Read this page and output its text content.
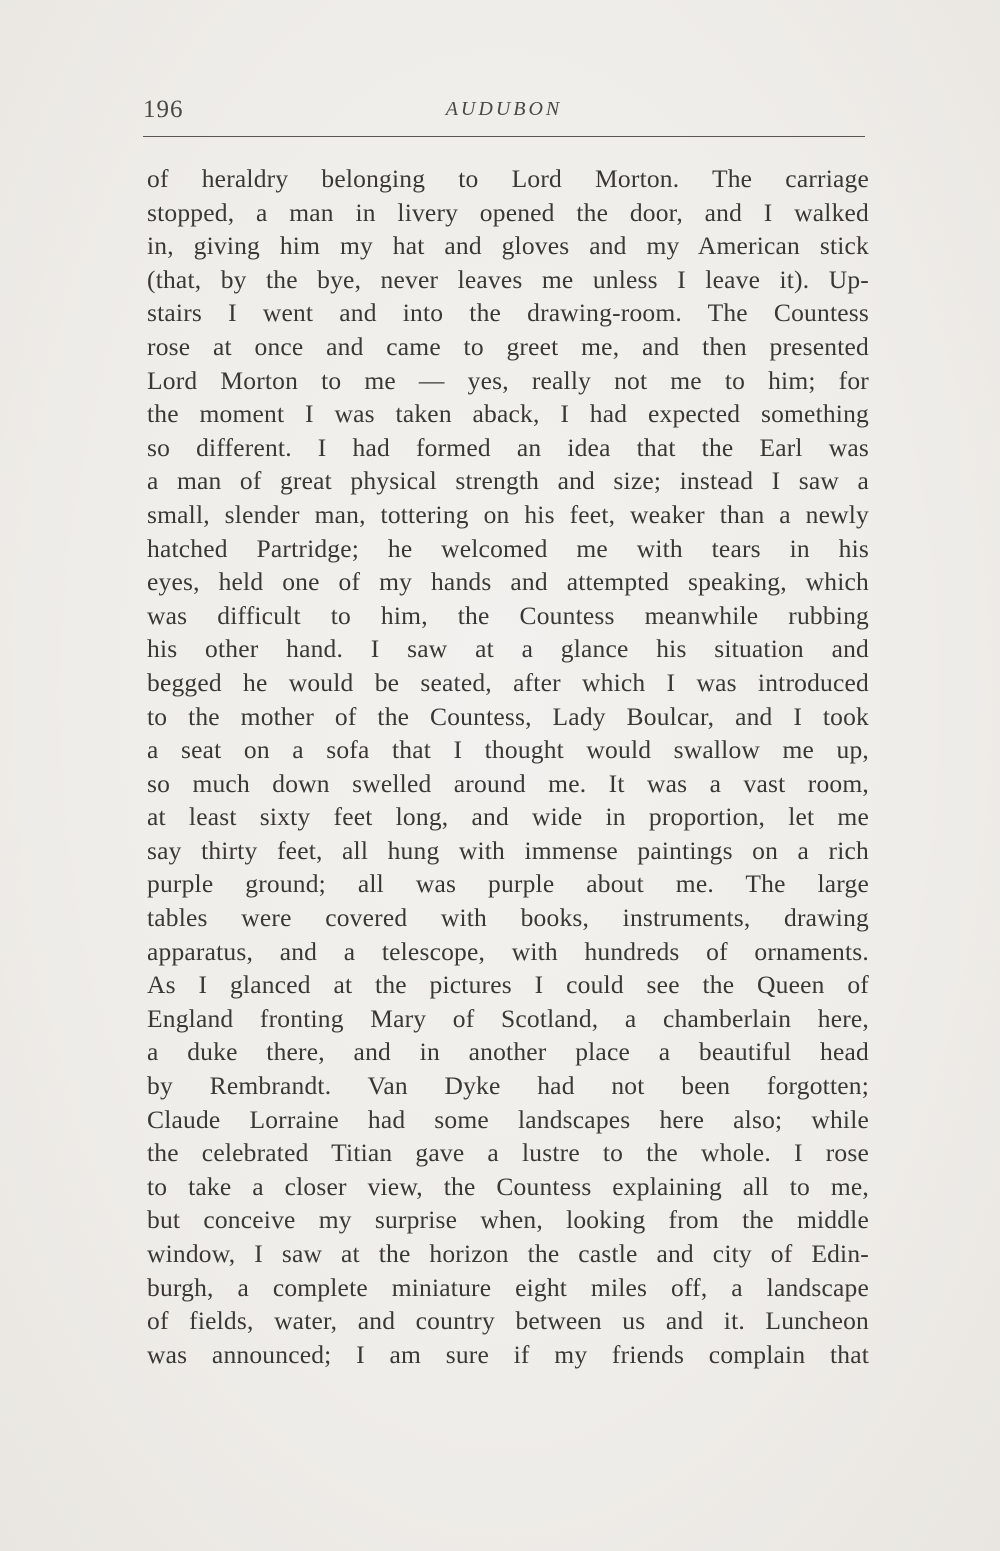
196	AUDUBON
of heraldry belonging to Lord Morton. The carriage
stopped, a man in livery opened the door, and I walked
in, giving him my hat and gloves and my American stick
(that, by the bye, never leaves me unless I leave it). Up-
stairs I went and into the drawing-room. The Countess
rose at once and came to greet me, and then presented
Lord Morton to me — yes, really not me to him; for
the moment I was taken aback, I had expected something
so different. I had formed an idea that the Earl was
a man of great physical strength and size; instead I saw a
small, slender man, tottering on his feet, weaker than a newly
hatched Partridge; he welcomed me with tears in his
eyes, held one of my hands and attempted speaking, which
was difficult to him, the Countess meanwhile rubbing
his other hand. I saw at a glance his situation and
begged he would be seated, after which I was introduced
to the mother of the Countess, Lady Boulcar, and I took
a seat on a sofa that I thought would swallow me up,
so much down swelled around me. It was a vast room,
at least sixty feet long, and wide in proportion, let me
say thirty feet, all hung with immense paintings on a rich
purple ground; all was purple about me. The large
tables were covered with books, instruments, drawing
apparatus, and a telescope, with hundreds of ornaments.
As I glanced at the pictures I could see the Queen of
England fronting Mary of Scotland, a chamberlain here,
a duke there, and in another place a beautiful head
by Rembrandt. Van Dyke had not been forgotten;
Claude Lorraine had some landscapes here also; while
the celebrated Titian gave a lustre to the whole. I rose
to take a closer view, the Countess explaining all to me,
but conceive my surprise when, looking from the middle
window, I saw at the horizon the castle and city of Edin-
burgh, a complete miniature eight miles off, a landscape
of fields, water, and country between us and it. Luncheon
was announced; I am sure if my friends complain that
